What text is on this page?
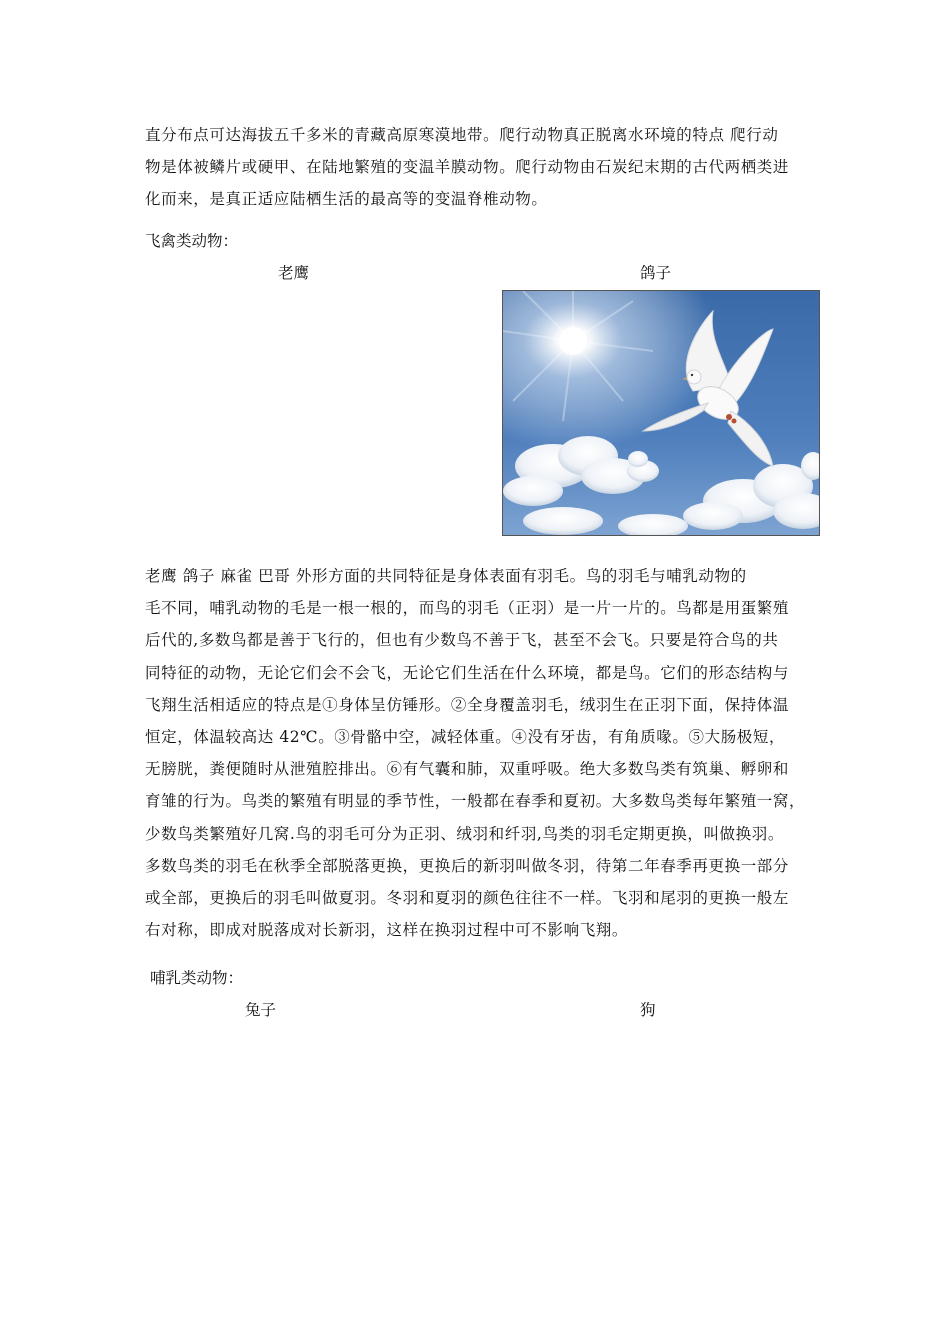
直分布点可达海拔五千多米的青藏高原寒漠地带。爬行动物真正脱离水环境的特点 爬行动
物是体被鳞片或硬甲、在陆地繁殖的变温羊膜动物。爬行动物由石炭纪末期的古代两栖类进
化而来，是真正适应陆栖生活的最高等的变温脊椎动物。
飞禽类动物：
老鹰	鸽子
老鹰 鸽子 麻雀 巴哥 外形方面的共同特征是身体表面有羽毛。鸟的羽毛与哺乳动物的
毛不同，哺乳动物的毛是一根一根的，而鸟的羽毛（正羽）是一片一片的。鸟都是用蛋繁殖
后代的,多数鸟都是善于飞行的，但也有少数鸟不善于飞，甚至不会飞。只要是符合鸟的共
同特征的动物，无论它们会不会飞，无论它们生活在什么环境，都是鸟。它们的形态结构与
飞翔生活相适应的特点是①身体呈仿锤形。②全身覆盖羽毛，绒羽生在正羽下面，保持体温
恒定，体温较高达 42℃。③骨骼中空，减轻体重。④没有牙齿，有角质喙。⑤大肠极短，
无膀胱，粪便随时从泄殖腔排出。⑥有气囊和肺，双重呼吸。绝大多数鸟类有筑巢、孵卵和
育雏的行为。鸟类的繁殖有明显的季节性，一般都在春季和夏初。大多数鸟类每年繁殖一窝，
少数鸟类繁殖好几窝.鸟的羽毛可分为正羽、绒羽和纤羽,鸟类的羽毛定期更换，叫做换羽。
多数鸟类的羽毛在秋季全部脱落更换，更换后的新羽叫做冬羽，待第二年春季再更换一部分
或全部，更换后的羽毛叫做夏羽。冬羽和夏羽的颜色往往不一样。飞羽和尾羽的更换一般左
右对称，即成对脱落成对长新羽，这样在换羽过程中可不影响飞翔。
哺乳类动物：
兔子	狗
